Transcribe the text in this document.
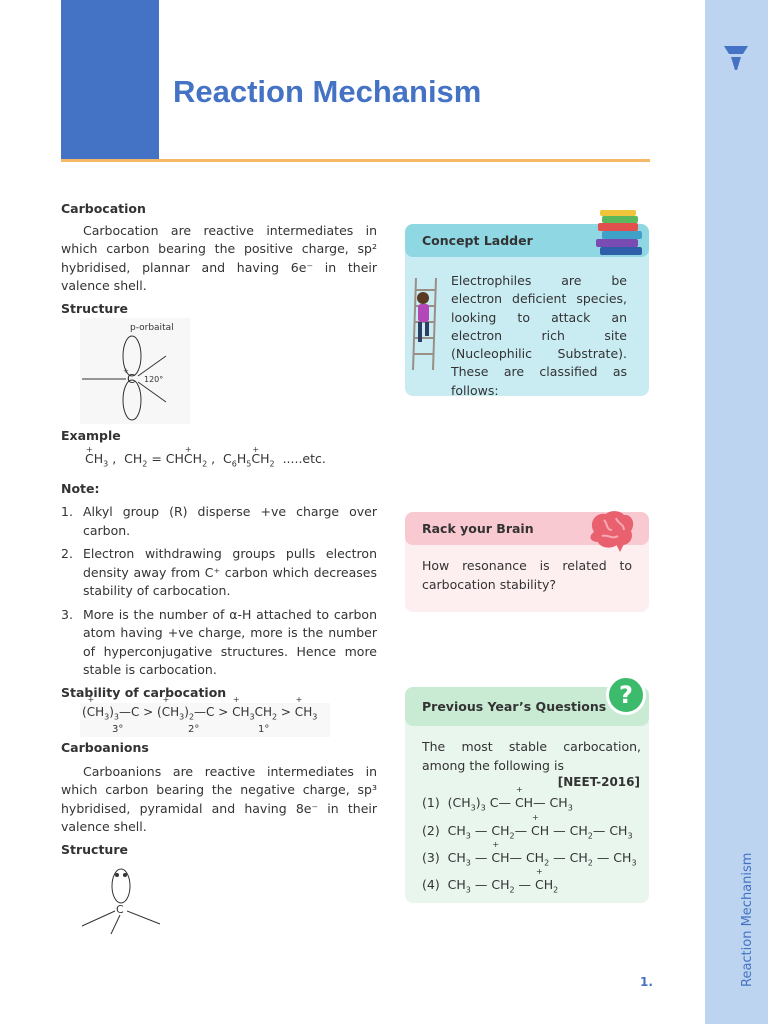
Reaction Mechanism
Reaction Mechanism
1.
Carbocation
Carbocation are reactive intermediates in which carbon bearing the positive charge, sp² hybridised, plannar and having 6e⁻ in their valence shell.
Structure
C
+
120°
p-orbaital
Example
+ $CH_3$ ,  $CH_2 = CH+ CH_2$ ,  $C_6H_5+ CH_2$ .....etc.
Note:
1. Alkyl group (R) disperse +ve charge over carbon.
2. Electron withdrawing groups pulls electron density away from C⁺ carbon which decreases stability of carbocation.
3. More is the number of α-H attached to carbon atom having +ve charge, more is the number of hyperconjugative structures. Hence more stable is carbocation.
Stability of carbocation
(+ $CH_3)_3—C$ > (+ $CH_3)_2—C$ > + $CH_3CH_2$ > + $CH_3$
3°	2°	1°
Carboanions
Carboanions are reactive intermediates in which carbon bearing the negative charge, sp³ hybridised, pyramidal and having 8e⁻ in their valence shell.
Structure
C
Concept Ladder
Electrophiles are be electron deficient species, looking to attack an electron rich site (Nucleophilic Substrate). These are classified as follows:
Rack your Brain
How resonance is related to carbocation stability?
Previous Year’s Questions
The most stable carbocation, among the following is
[NEET-2016]
(1)  $(CH_3)_3$ C— + CH— $CH_3$
(2)  $CH_3$ — $CH_2—$ + CH — $CH_2—$ $CH_3$
(3)  $CH_3$ — + CH— $CH_2$ — $CH_2$ — $CH_3$
(4)  $CH_3$ — $CH_2$ — + $CH_2$
?
